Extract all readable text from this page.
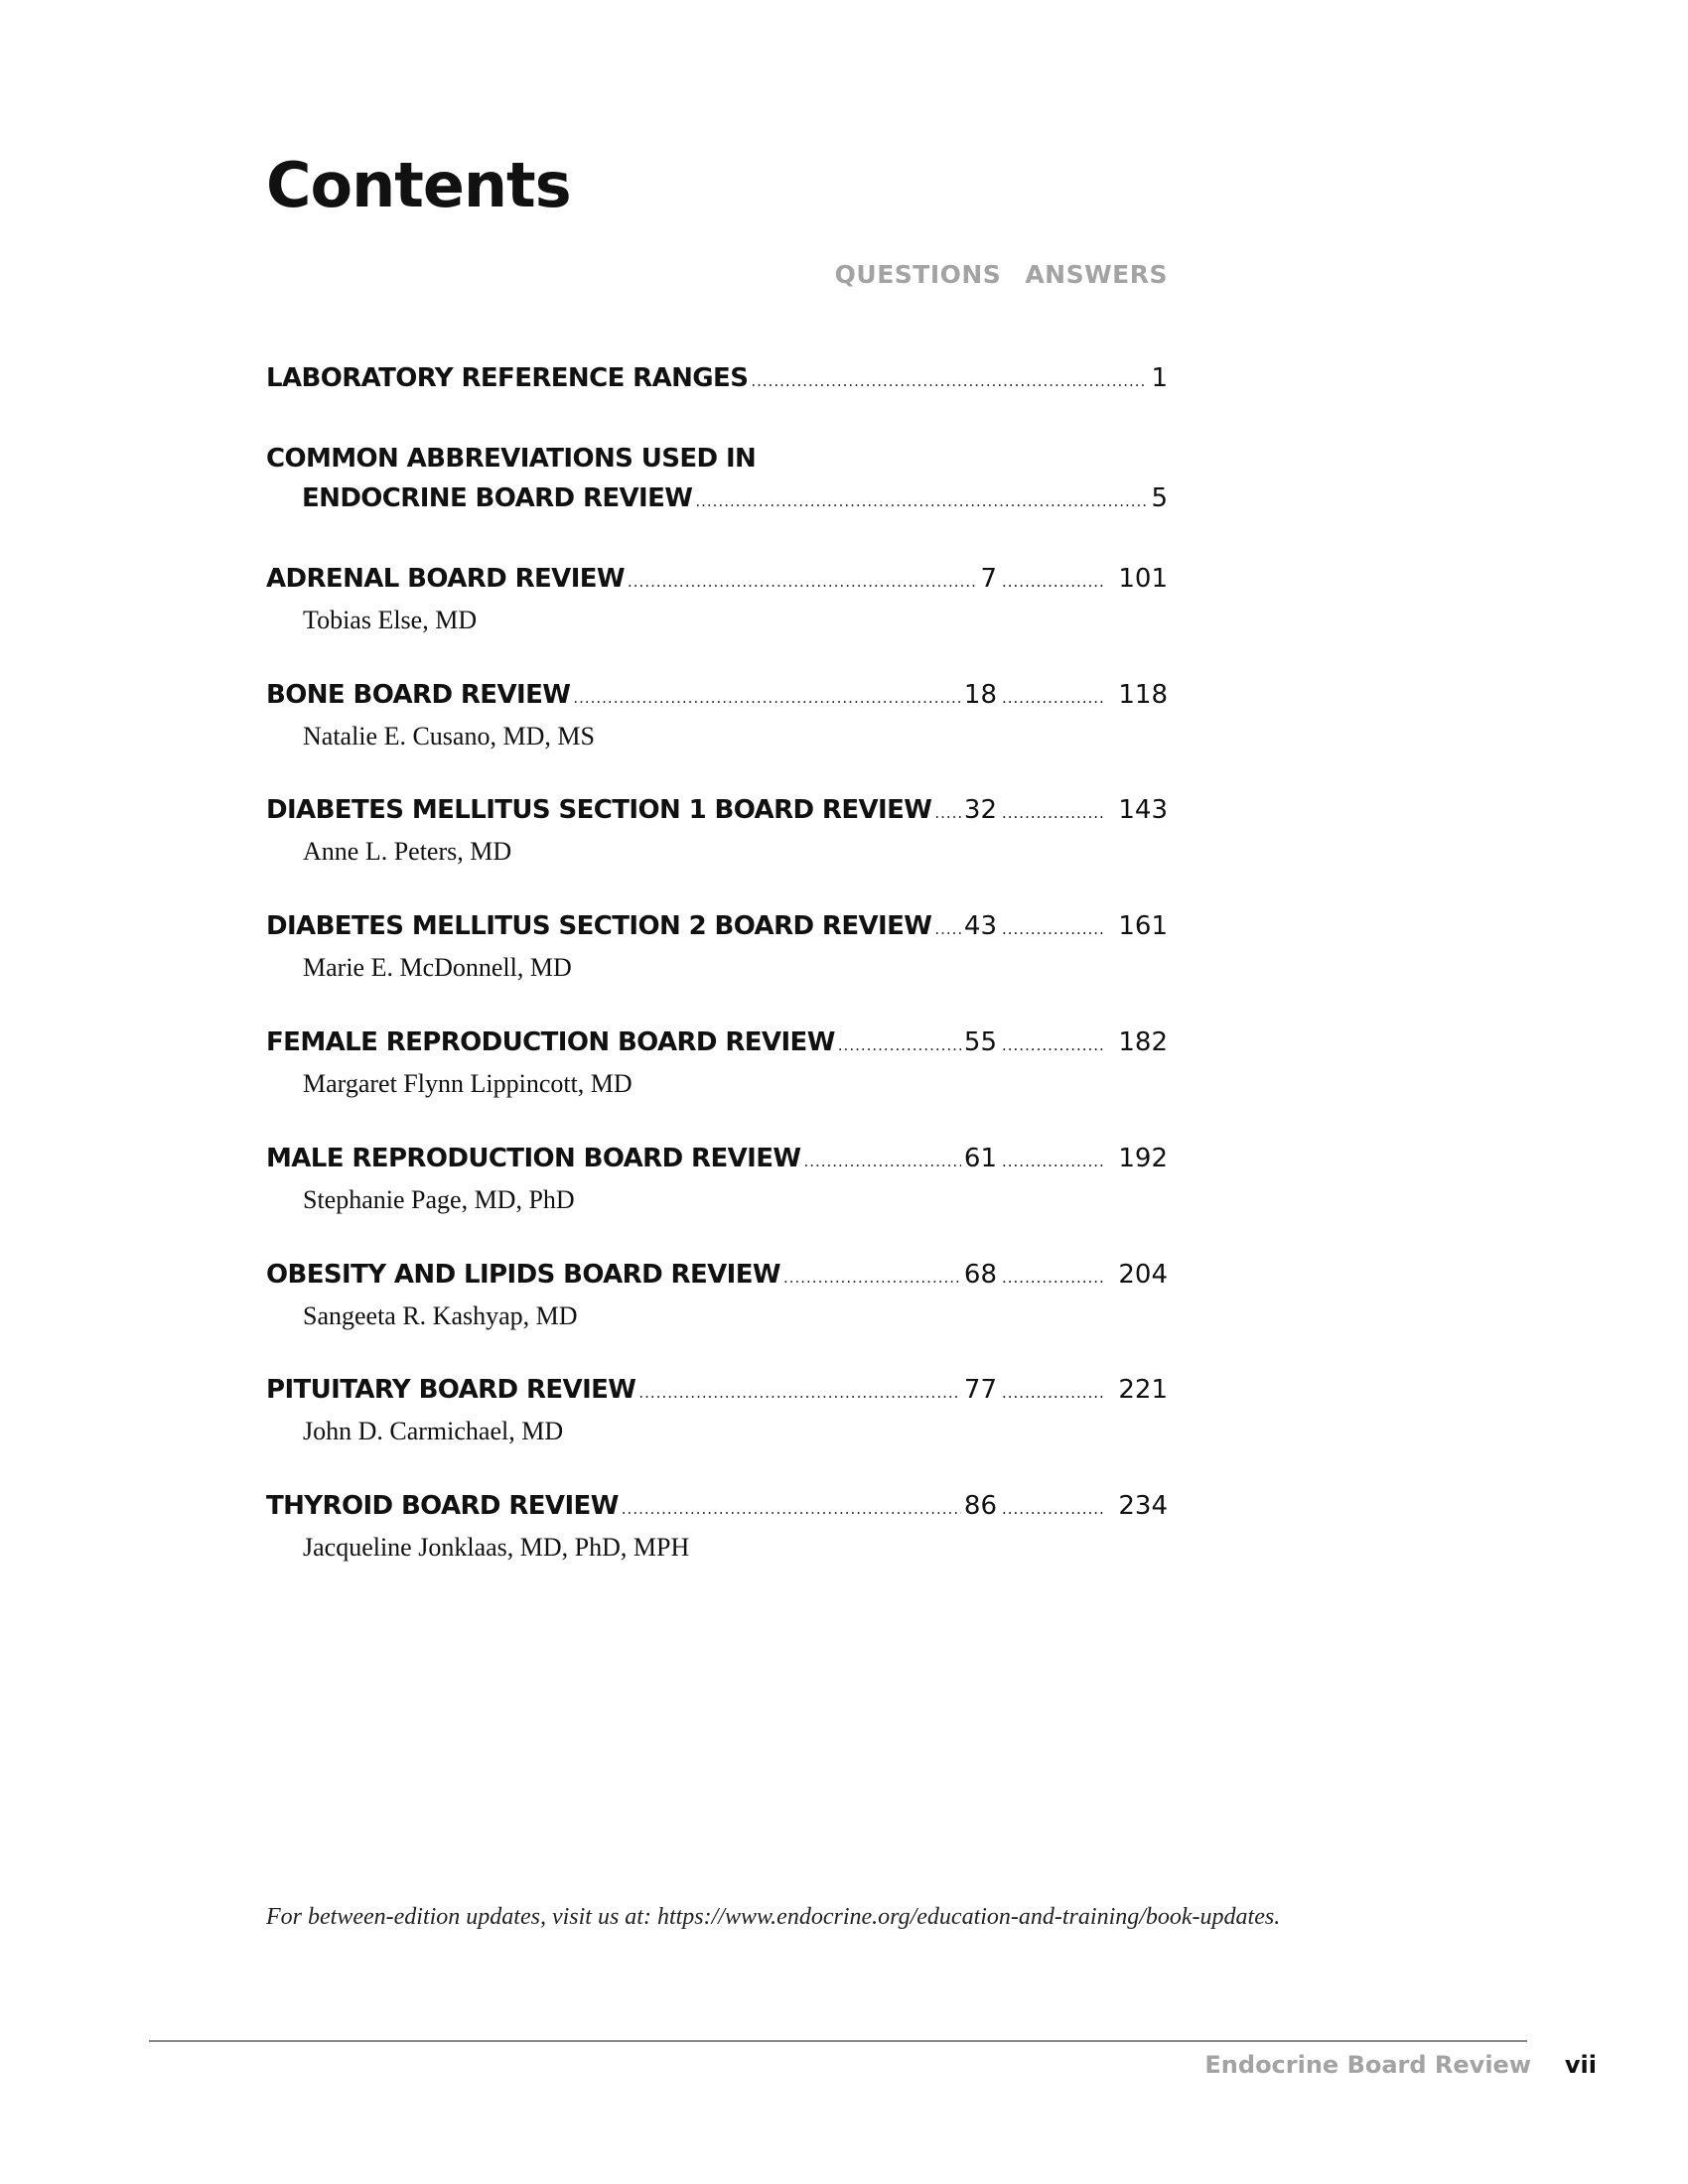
Contents
QUESTIONS ANSWERS
LABORATORY REFERENCE RANGES .....	1
COMMON ABBREVIATIONS USED IN
ENDOCRINE BOARD REVIEW .....	5
ADRENAL BOARD REVIEW .....	7 .....	101
Tobias Else, MD
BONE BOARD REVIEW .....	18 .....	118
Natalie E. Cusano, MD, MS
DIABETES MELLITUS SECTION 1 BOARD REVIEW ..... 32 .....	143
Anne L. Peters, MD
DIABETES MELLITUS SECTION 2 BOARD REVIEW ..... 43 .....	161
Marie E. McDonnell, MD
FEMALE REPRODUCTION BOARD REVIEW .....	55 .....	182
Margaret Flynn Lippincott, MD
MALE REPRODUCTION BOARD REVIEW .....	61 .....	192
Stephanie Page, MD, PhD
OBESITY AND LIPIDS BOARD REVIEW .....	68 .....	204
Sangeeta R. Kashyap, MD
PITUITARY BOARD REVIEW .....	77 .....	221
John D. Carmichael, MD
THYROID BOARD REVIEW .....	86 .....	234
Jacqueline Jonklaas, MD, PhD, MPH
For between-edition updates, visit us at: https://www.endocrine.org/education-and-training/book-updates.
Endocrine Board Review vii
